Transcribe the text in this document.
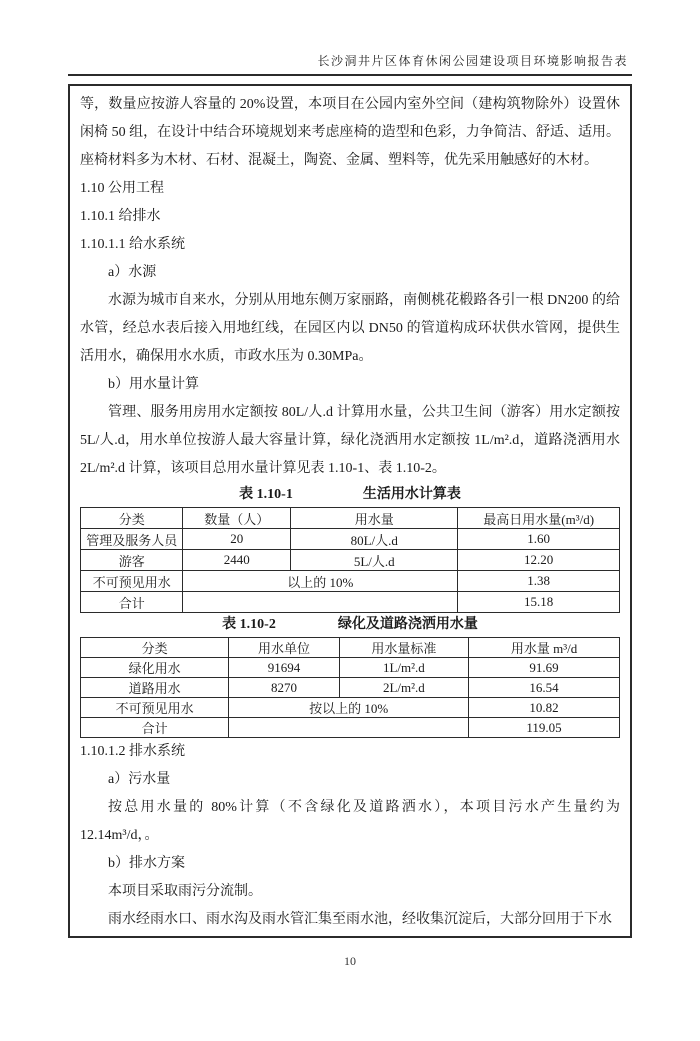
长沙洞井片区体育休闲公园建设项目环境影响报告表

等，数量应按游人容量的 20%设置，本项目在公园内室外空间（建构筑物除外）设置休闲椅 50 组，在设计中结合环境规划来考虑座椅的造型和色彩，力争简洁、舒适、适用。座椅材料多为木材、石材、混凝土，陶瓷、金属、塑料等，优先采用触感好的木材。

1.10 公用工程

1.10.1 给排水

1.10.1.1 给水系统

a）水源

水源为城市自来水，分别从用地东侧万家丽路，南侧桃花椴路各引一根 DN200 的给水管，经总水表后接入用地红线，在园区内以 DN50 的管道构成环状供水管网，提供生活用水，确保用水水质，市政水压为 0.30MPa。

b）用水量计算

管理、服务用房用水定额按 80L/人.d 计算用水量，公共卫生间（游客）用水定额按 5L/人.d，用水单位按游人最大容量计算，绿化浇洒用水定额按 1L/m².d，道路浇洒用水 2L/m².d 计算，该项目总用水量计算见表 1.10-1、表 1.10-2。

表 1.10-1	生活用水计算表
分类	数量（人）	用水量	最高日用水量(m³/d)
管理及服务人员	20	80L/人.d	1.60
游客	2440	5L/人.d	12.20
不可预见用水	以上的 10%		1.38
合计			15.18
表 1.10-2	绿化及道路浇洒用水量
分类	用水单位	用水量标准	用水量 m³/d
绿化用水	91694	1L/m².d	91.69
道路用水	8270	2L/m².d	16.54
不可预见用水	按以上的 10%		10.82
合计			119.05

1.10.1.2 排水系统

a）污水量

按总用水量的 80%计算（不含绿化及道路洒水），本项目污水产生量约为
12.14m³/d，。

b）排水方案

本项目采取雨污分流制。

雨水经雨水口、雨水沟及雨水管汇集至雨水池，经收集沉淀后，大部分回用于下水

10
